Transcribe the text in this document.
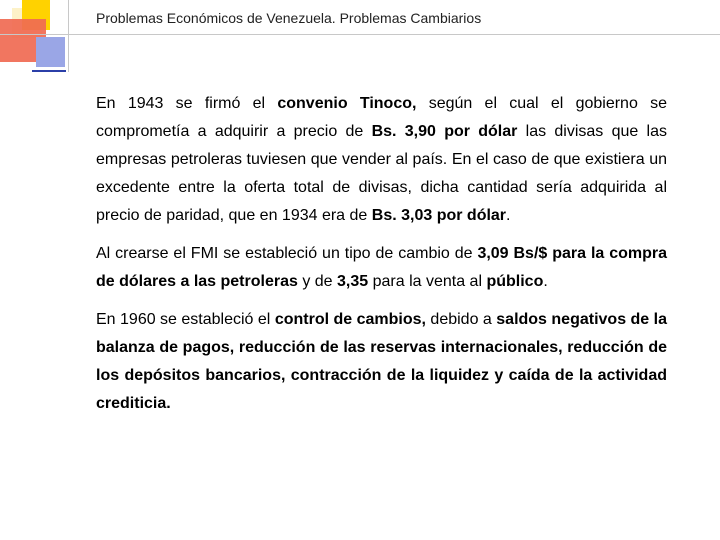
Problemas Económicos de Venezuela. Problemas Cambiarios

En 1943 se firmó el convenio Tinoco, según el cual el gobierno se comprometía a adquirir a precio de Bs. 3,90 por dólar las divisas que las empresas petroleras tuviesen que vender al país. En el caso de que existiera un excedente entre la oferta total de divisas, dicha cantidad sería adquirida al precio de paridad, que en 1934 era de Bs. 3,03 por dólar.

Al crearse el FMI se estableció un tipo de cambio de 3,09 Bs/$ para la compra de dólares a las petroleras y de 3,35 para la venta al público.

En 1960 se estableció el control de cambios, debido a saldos negativos de la balanza de pagos, reducción de las reservas internacionales, reducción de los depósitos bancarios, contracción de la liquidez y caída de la actividad crediticia.
